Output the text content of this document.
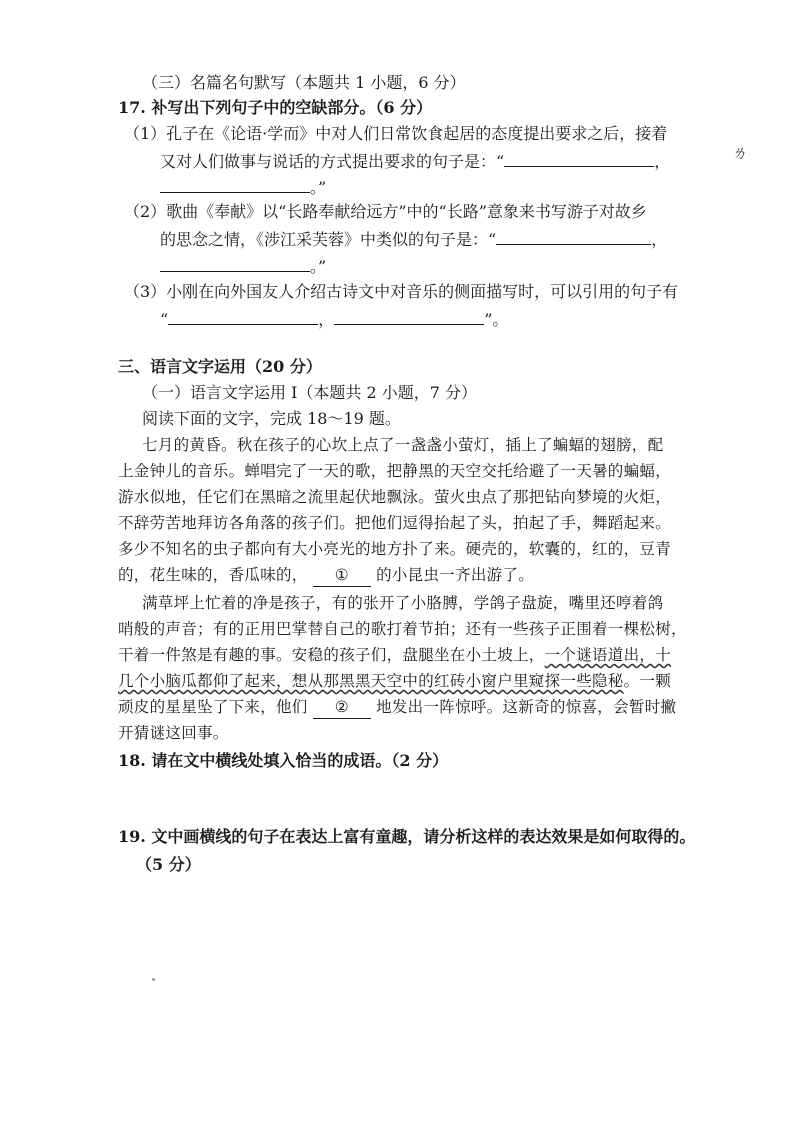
（三）名篇名句默写（本题共 1 小题，6 分）
17. 补写出下列句子中的空缺部分。（6 分）
（1）孔子在《论语·学而》中对人们日常饮食起居的态度提出要求之后，接着
又对人们做事与说话的方式提出要求的句子是：“	，
。”
（2）歌曲《奉献》以“长路奉献给远方”中的“长路”意象来书写游子对故乡
的思念之情，《涉江采芙蓉》中类似的句子是：“	，
。”
（3）小刚在向外国友人介绍古诗文中对音乐的侧面描写时，可以引用的句子有
“	，	”。
三、语言文字运用（20 分）
（一）语言文字运用 Ⅰ（本题共 2 小题，7 分）
阅读下面的文字，完成 18～19 题。
七月的黄昏。秋在孩子的心坎上点了一盏盏小萤灯，插上了蝙蝠的翅膀，配
上金钟儿的音乐。蝉唱完了一天的歌，把静黑的天空交托给避了一天暑的蝙蝠，
游水似地，任它们在黑暗之流里起伏地飘泳。萤火虫点了那把钻向梦境的火炬，
不辞劳苦地拜访各角落的孩子们。把他们逗得抬起了头，拍起了手，舞蹈起来。
多少不知名的虫子都向有大小亮光的地方扑了来。硬壳的，软囊的，红的，豆青
的，花生味的，香瓜味的， ① 的小昆虫一齐出游了。
满草坪上忙着的净是孩子，有的张开了小胳膊，学鸽子盘旋，嘴里还哼着鸽
哨般的声音；有的正用巴掌替自己的歌打着节拍；还有一些孩子正围着一棵松树，
干着一件煞是有趣的事。安稳的孩子们，盘腿坐在小土坡上，一个谜语道出，十
几个小脑瓜都仰了起来，想从那黑黑天空中的红砖小窗户里窥探一些隐秘。一颗
顽皮的星星坠了下来，他们 ② 地发出一阵惊呼。这新奇的惊喜，会暂时撇
开猜谜这回事。
18. 请在文中横线处填入恰当的成语。（2 分）
19. 文中画横线的句子在表达上富有童趣，请分析这样的表达效果是如何取得的。
（5 分）
ㄌ
